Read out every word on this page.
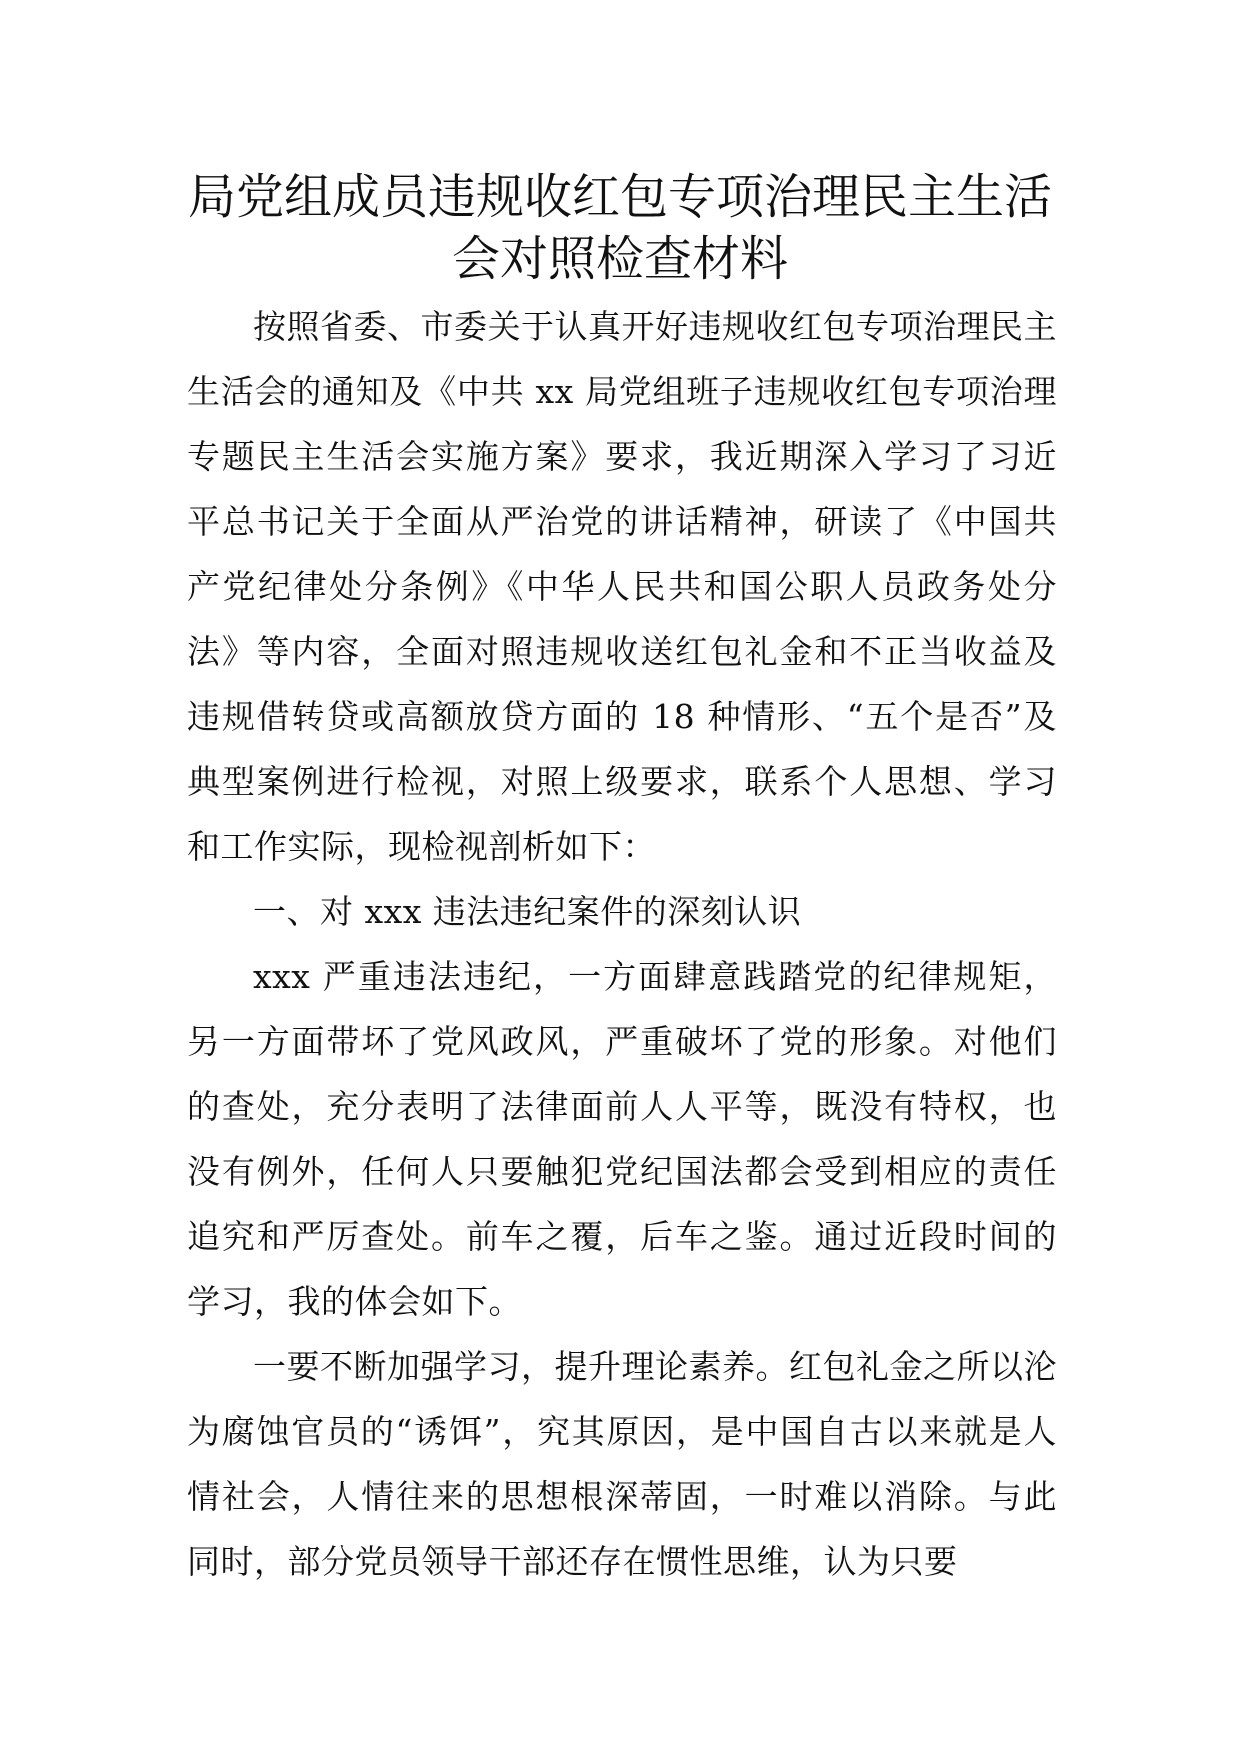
局党组成员违规收红包专项治理民主生活
会对照检查材料

按照省委、市委关于认真开好违规收红包专项治理民主生活会的通知及《中共 xx 局党组班子违规收红包专项治理专题民主生活会实施方案》要求，我近期深入学习了习近平总书记关于全面从严治党的讲话精神，研读了《中国共产党纪律处分条例》《中华人民共和国公职人员政务处分法》等内容，全面对照违规收送红包礼金和不正当收益及违规借转贷或高额放贷方面的 18 种情形、“五个是否”及典型案例进行检视，对照上级要求，联系个人思想、学习和工作实际，现检视剖析如下：

一、对 xxx 违法违纪案件的深刻认识

xxx 严重违法违纪，一方面肆意践踏党的纪律规矩，另一方面带坏了党风政风，严重破坏了党的形象。对他们的查处，充分表明了法律面前人人平等，既没有特权，也没有例外，任何人只要触犯党纪国法都会受到相应的责任追究和严厉查处。前车之覆，后车之鉴。通过近段时间的学习，我的体会如下。

一要不断加强学习，提升理论素养。红包礼金之所以沦为腐蚀官员的“诱饵”，究其原因，是中国自古以来就是人情社会，人情往来的思想根深蒂固，一时难以消除。与此同时，部分党员领导干部还存在惯性思维，认为只要
